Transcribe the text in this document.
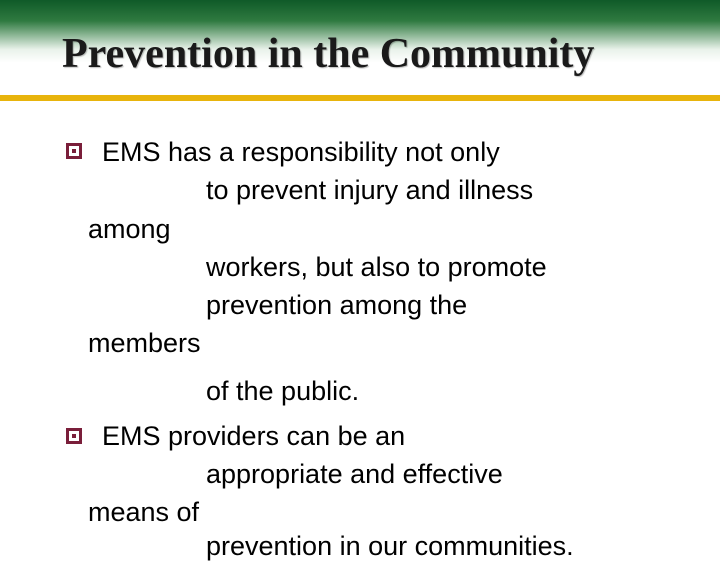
Prevention in the Community
EMS has a responsibility not only
to prevent injury and illness
among
workers, but also to promote
prevention among the
members
of the public.
EMS providers can be an
appropriate and effective
means of
prevention in our communities.
